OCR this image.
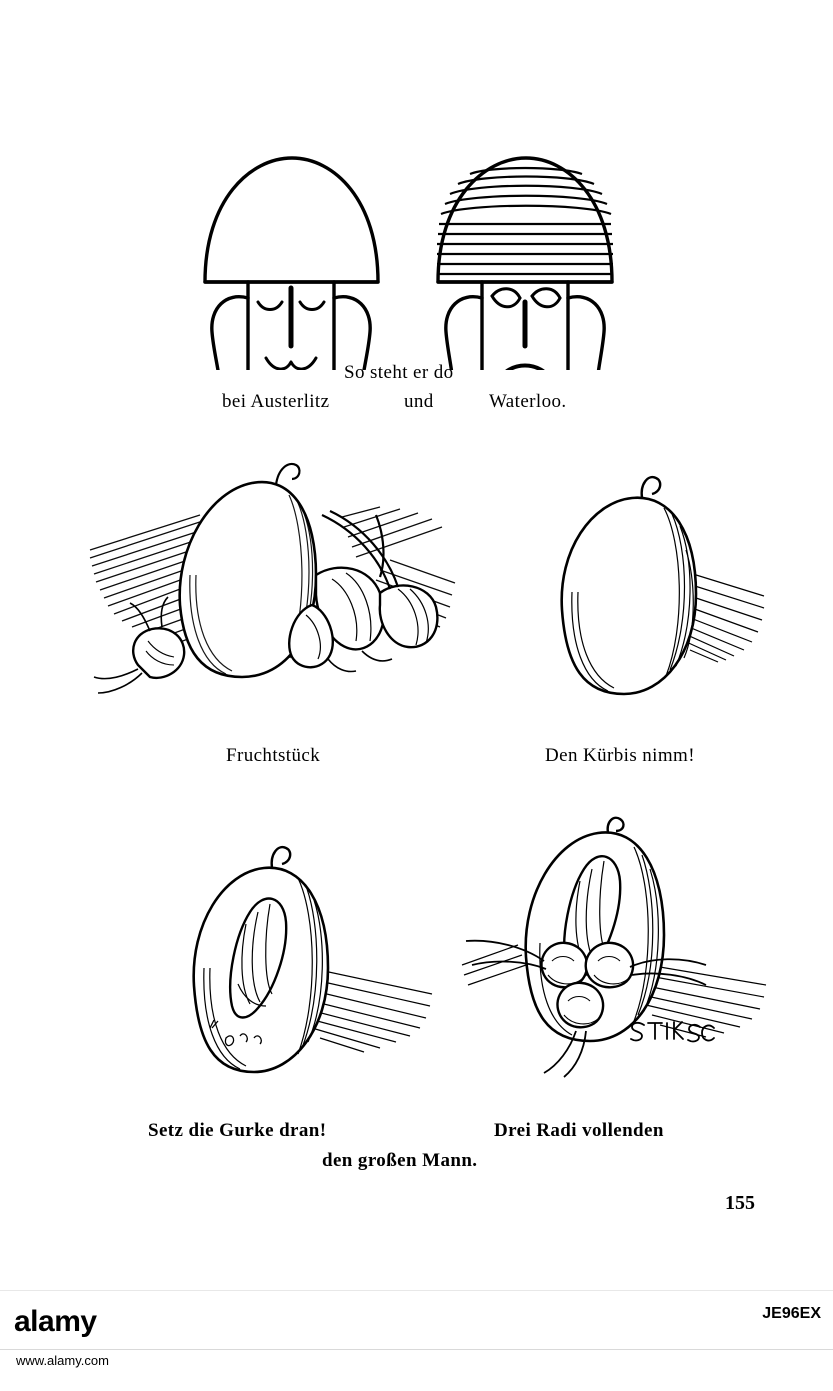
So steht er do
bei Austerlitz	und	Waterloo.
Fruchtstück	Den Kürbis nimm!
Setz die Gurke dran!	Drei Radi vollenden
den großen Mann.
155
alamy
www.alamy.com
JE96EX
